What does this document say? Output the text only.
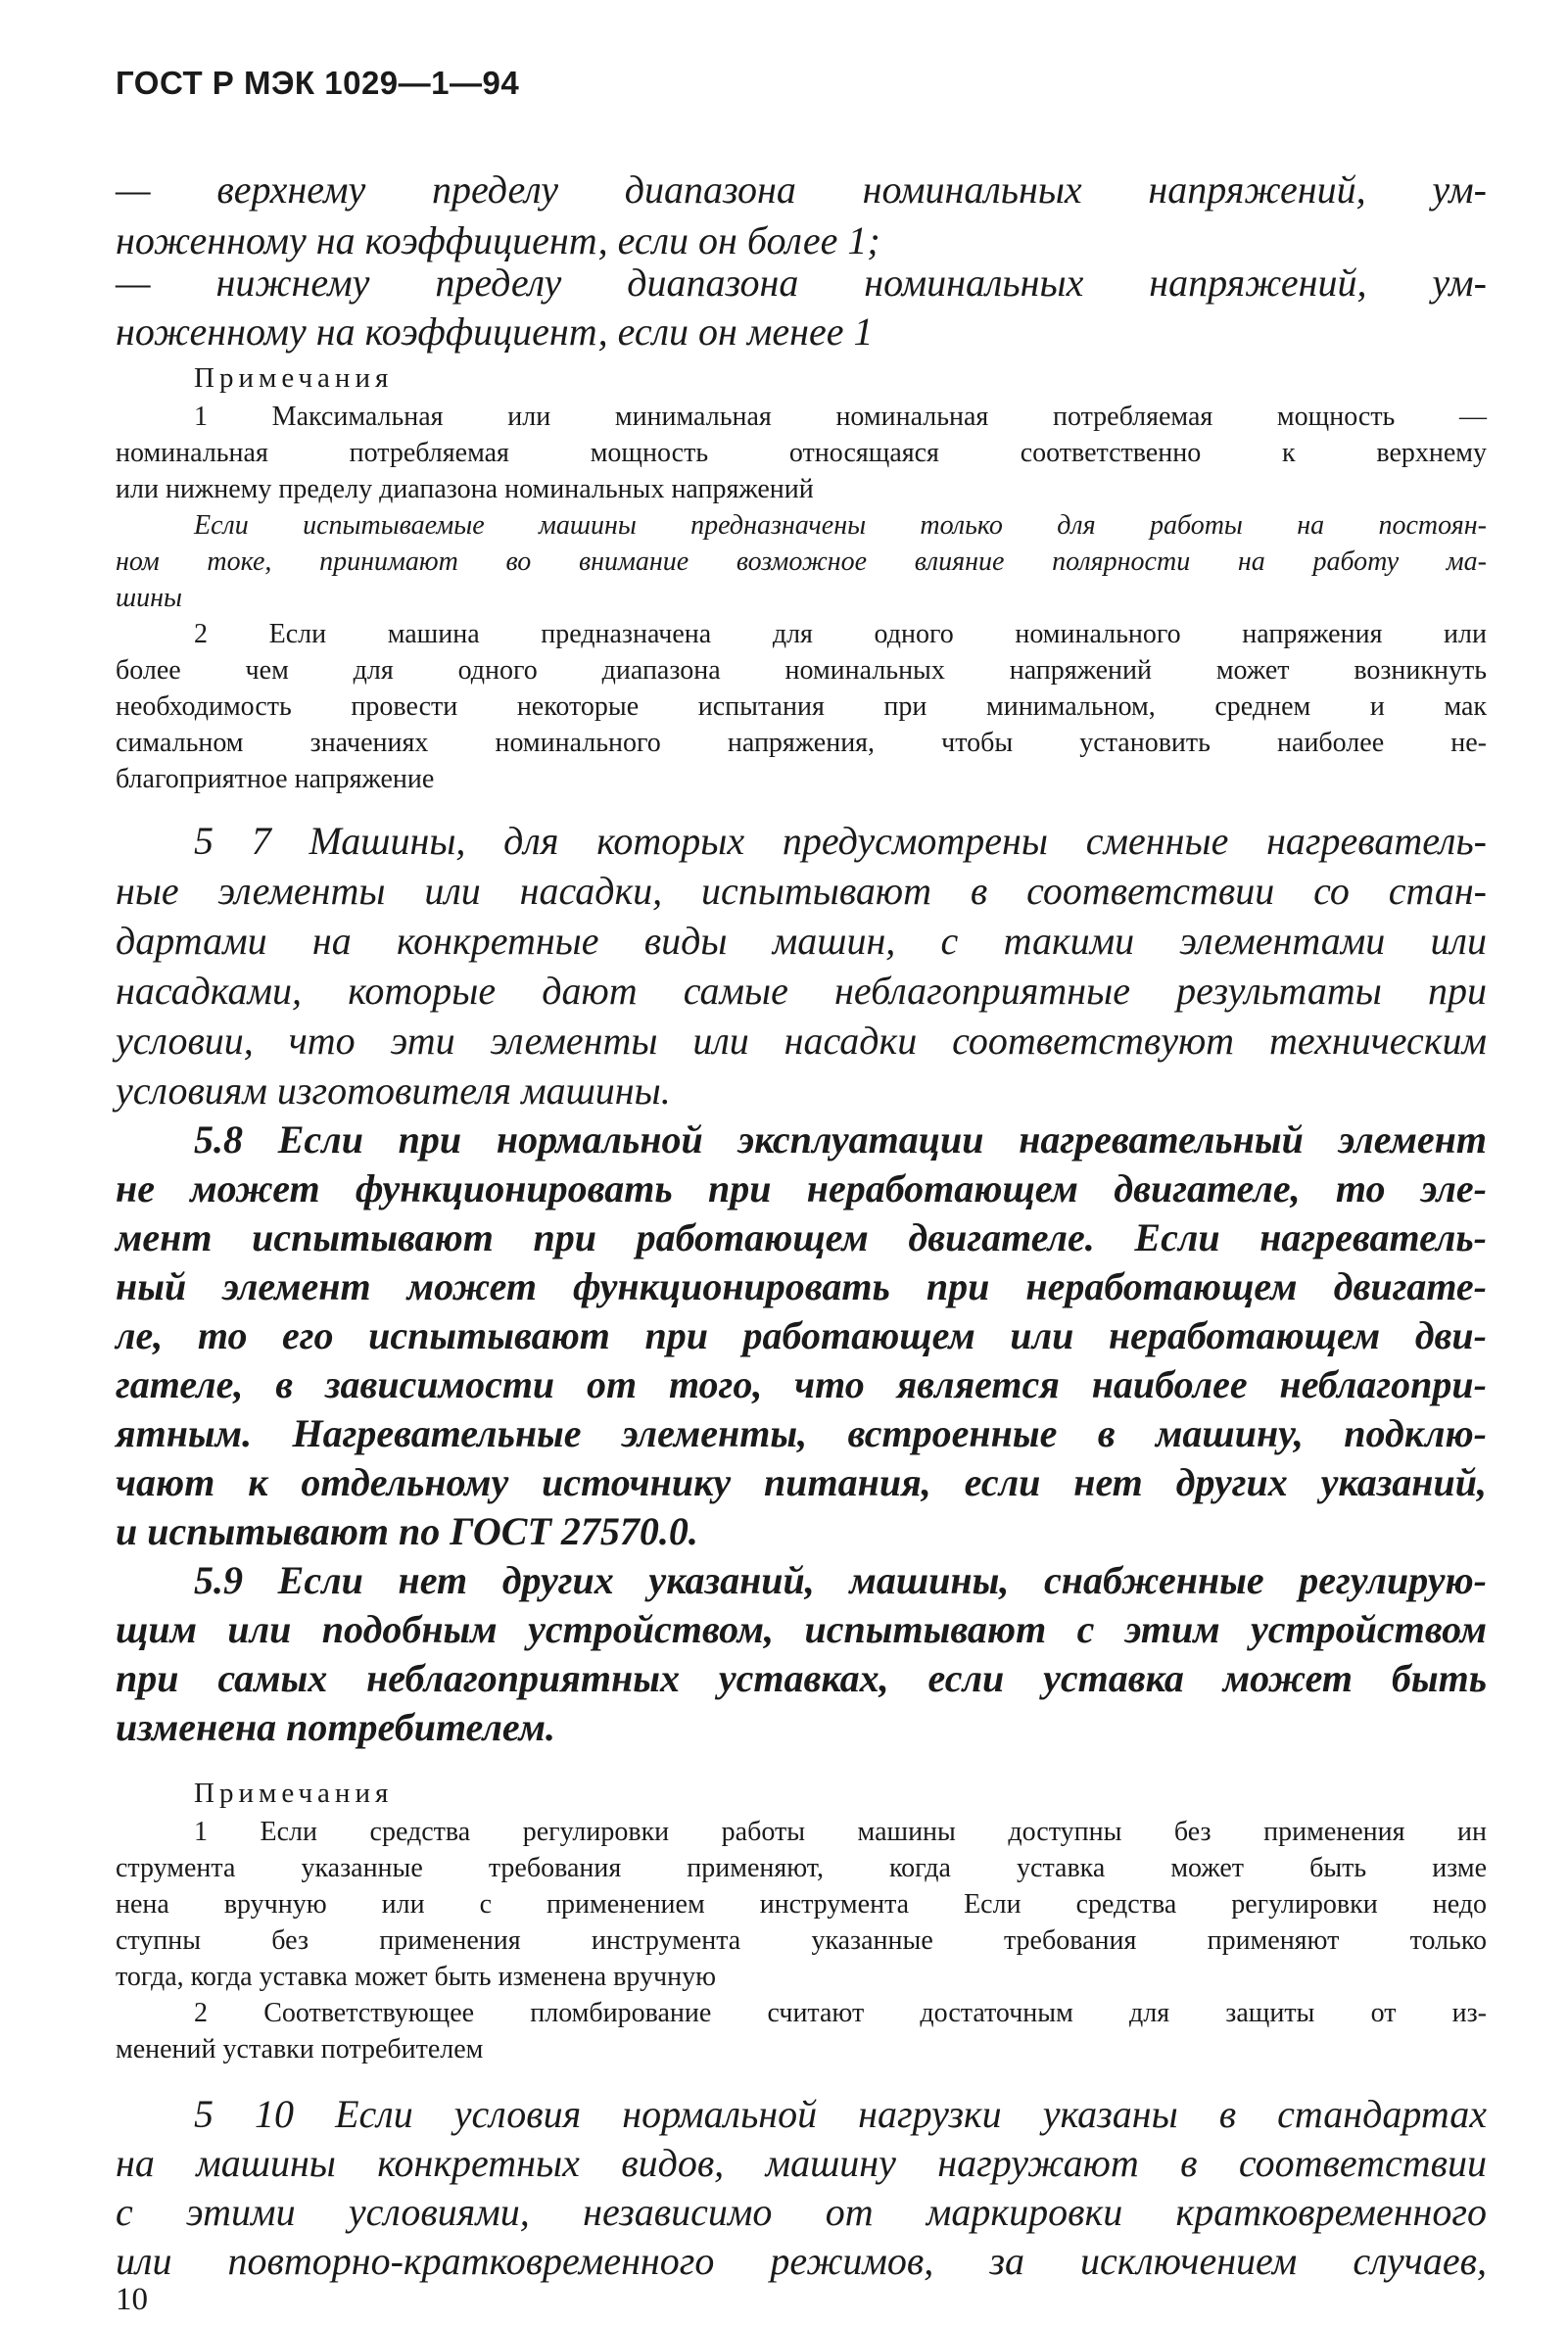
ГОСТ Р МЭК 1029—1—94
— верхнему пределу диапазона номинальных напряжений, ум-
ноженному на коэффициент, если он более 1;
— нижнему пределу диапазона номинальных напряжений, ум-
ноженному на коэффициент, если он менее 1
Примечания
1 Максимальная или минимальная номинальная потребляемая мощность —
номинальная потребляемая мощность относящаяся соответственно к верхнему
или нижнему пределу диапазона номинальных напряжений
Если испытываемые машины предназначены только для работы на постоян-
ном токе, принимают во внимание возможное влияние полярности на работу ма-
шины
2 Если машина предназначена для одного номинального напряжения или
более чем для одного диапазона номинальных напряжений может возникнуть
необходимость провести некоторые испытания при минимальном, среднем и мак
симальном значениях номинального напряжения, чтобы установить наиболее не-
благоприятное напряжение
5 7 Машины, для которых предусмотрены сменные нагреватель-
ные элементы или насадки, испытывают в соответствии со стан-
дартами на конкретные виды машин, с такими элементами или
насадками, которые дают самые неблагоприятные результаты при
условии, что эти элементы или насадки соответствуют техническим
условиям изготовителя машины.
5.8 Если при нормальной эксплуатации нагревательный элемент
не может функционировать при неработающем двигателе, то эле-
мент испытывают при работающем двигателе. Если нагреватель-
ный элемент может функционировать при неработающем двигате-
ле, то его испытывают при работающем или неработающем дви-
гателе, в зависимости от того, что является наиболее неблагопри-
ятным. Нагревательные элементы, встроенные в машину, подклю-
чают к отдельному источнику питания, если нет других указаний,
и испытывают по ГОСТ 27570.0.
5.9 Если нет других указаний, машины, снабженные регулирую-
щим или подобным устройством, испытывают с этим устройством
при самых неблагоприятных уставках, если уставка может быть
изменена потребителем.
Примечания
1 Если средства регулировки работы машины доступны без применения ин
струмента указанные требования применяют, когда уставка может быть изме
нена вручную или с применением инструмента Если средства регулировки недо
ступны без применения инструмента указанные требования применяют только
тогда, когда уставка может быть изменена вручную
2 Соответствующее пломбирование считают достаточным для защиты от из-
менений уставки потребителем
5 10 Если условия нормальной нагрузки указаны в стандартах
на машины конкретных видов, машину нагружают в соответствии
с этими условиями, независимо от маркировки кратковременного
или повторно-кратковременного режимов, за исключением случаев,
10
